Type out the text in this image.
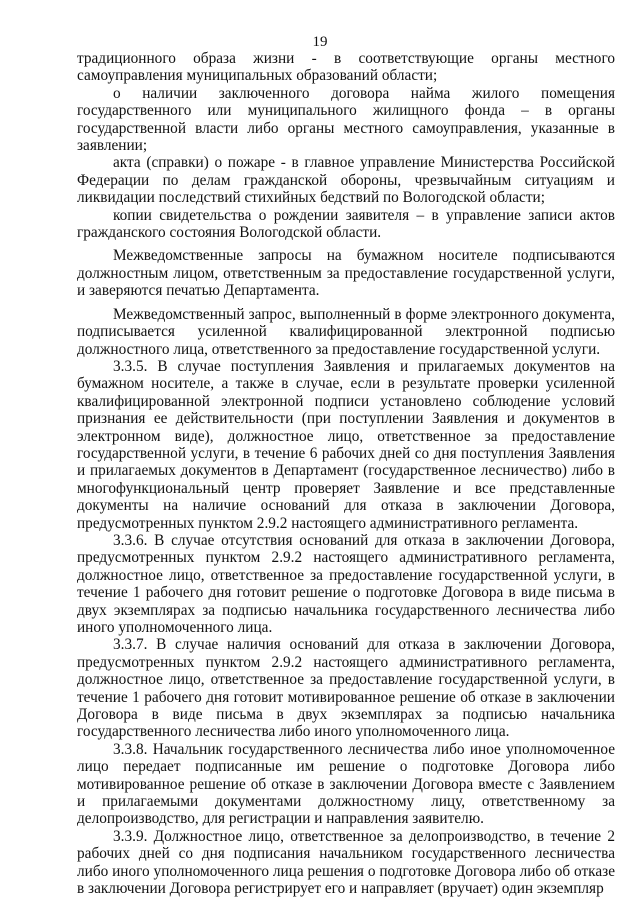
19

традиционного образа жизни - в соответствующие органы местного самоуправления муниципальных образований области;

о наличии заключенного договора найма жилого помещения государственного или муниципального жилищного фонда – в органы государственной власти либо органы местного самоуправления, указанные в заявлении;

акта (справки) о пожаре - в главное управление Министерства Российской Федерации по делам гражданской обороны, чрезвычайным ситуациям и ликвидации последствий стихийных бедствий по Вологодской области;

копии свидетельства о рождении заявителя – в управление записи актов гражданского состояния Вологодской области.

Межведомственные запросы на бумажном носителе подписываются должностным лицом, ответственным за предоставление государственной услуги, и заверяются печатью Департамента.

Межведомственный запрос, выполненный в форме электронного документа, подписывается усиленной квалифицированной электронной подписью должностного лица, ответственного за предоставление государственной услуги.

3.3.5. В случае поступления Заявления и прилагаемых документов на бумажном носителе, а также в случае, если в результате проверки усиленной квалифицированной электронной подписи установлено соблюдение условий признания ее действительности (при поступлении Заявления и документов в электронном виде), должностное лицо, ответственное за предоставление государственной услуги, в течение 6 рабочих дней со дня поступления Заявления и прилагаемых документов в Департамент (государственное лесничество) либо в многофункциональный центр проверяет Заявление и все представленные документы на наличие оснований для отказа в заключении Договора, предусмотренных пунктом 2.9.2 настоящего административного регламента.

3.3.6. В случае отсутствия оснований для отказа в заключении Договора, предусмотренных пунктом 2.9.2 настоящего административного регламента, должностное лицо, ответственное за предоставление государственной услуги, в течение 1 рабочего дня готовит решение о подготовке Договора в виде письма в двух экземплярах за подписью начальника государственного лесничества либо иного уполномоченного лица.

3.3.7. В случае наличия оснований для отказа в заключении Договора, предусмотренных пунктом 2.9.2 настоящего административного регламента, должностное лицо, ответственное за предоставление государственной услуги, в течение 1 рабочего дня готовит мотивированное решение об отказе в заключении Договора в виде письма в двух экземплярах за подписью начальника государственного лесничества либо иного уполномоченного лица.

3.3.8. Начальник государственного лесничества либо иное уполномоченное лицо передает подписанные им решение о подготовке Договора либо мотивированное решение об отказе в заключении Договора вместе с Заявлением и прилагаемыми документами должностному лицу, ответственному за делопроизводство, для регистрации и направления заявителю.

3.3.9. Должностное лицо, ответственное за делопроизводство, в течение 2 рабочих дней со дня подписания начальником государственного лесничества либо иного уполномоченного лица решения о подготовке Договора либо об отказе в заключении Договора регистрирует его и направляет (вручает) один экземпляр
